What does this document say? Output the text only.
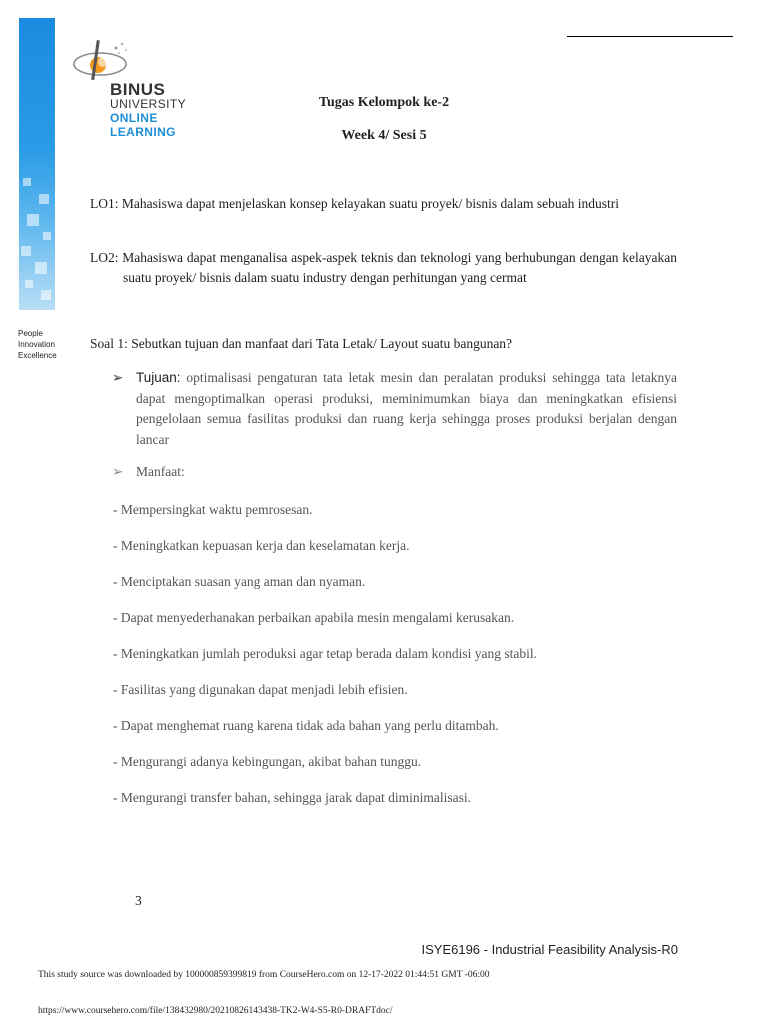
BINUS
UNIVERSITY
ONLINE
LEARNING
People
Innovation
Excellence
Tugas Kelompok ke-2
Week 4/ Sesi 5
LO1: Mahasiswa dapat menjelaskan konsep kelayakan suatu proyek/ bisnis dalam sebuah industri
LO2: Mahasiswa dapat menganalisa aspek-aspek teknis dan teknologi yang berhubungan dengan kelayakan suatu proyek/ bisnis dalam suatu industry dengan perhitungan yang cermat
Soal 1: Sebutkan tujuan dan manfaat dari Tata Letak/ Layout suatu bangunan?
➢ Tujuan: optimalisasi pengaturan tata letak mesin dan peralatan produksi sehingga tata letaknya dapat mengoptimalkan operasi produksi, meminimumkan biaya dan meningkatkan efisiensi pengelolaan semua fasilitas produksi dan ruang kerja sehingga proses produksi berjalan dengan lancar
➢ Manfaat:
- Mempersingkat waktu pemrosesan.
- Meningkatkan kepuasan kerja dan keselamatan kerja.
- Menciptakan suasan yang aman dan nyaman.
- Dapat menyederhanakan perbaikan apabila mesin mengalami kerusakan.
- Meningkatkan jumlah peroduksi agar tetap berada dalam kondisi yang stabil.
- Fasilitas yang digunakan dapat menjadi lebih efisien.
- Dapat menghemat ruang karena tidak ada bahan yang perlu ditambah.
- Mengurangi adanya kebingungan, akibat bahan tunggu.
- Mengurangi transfer bahan, sehingga jarak dapat diminimalisasi.
3
ISYE6196 - Industrial Feasibility Analysis-R0
This study source was downloaded by 100000859399819 from CourseHero.com on 12-17-2022 01:44:51 GMT -06:00
https://www.coursehero.com/file/138432980/20210826143438-TK2-W4-S5-R0-DRAFTdoc/
